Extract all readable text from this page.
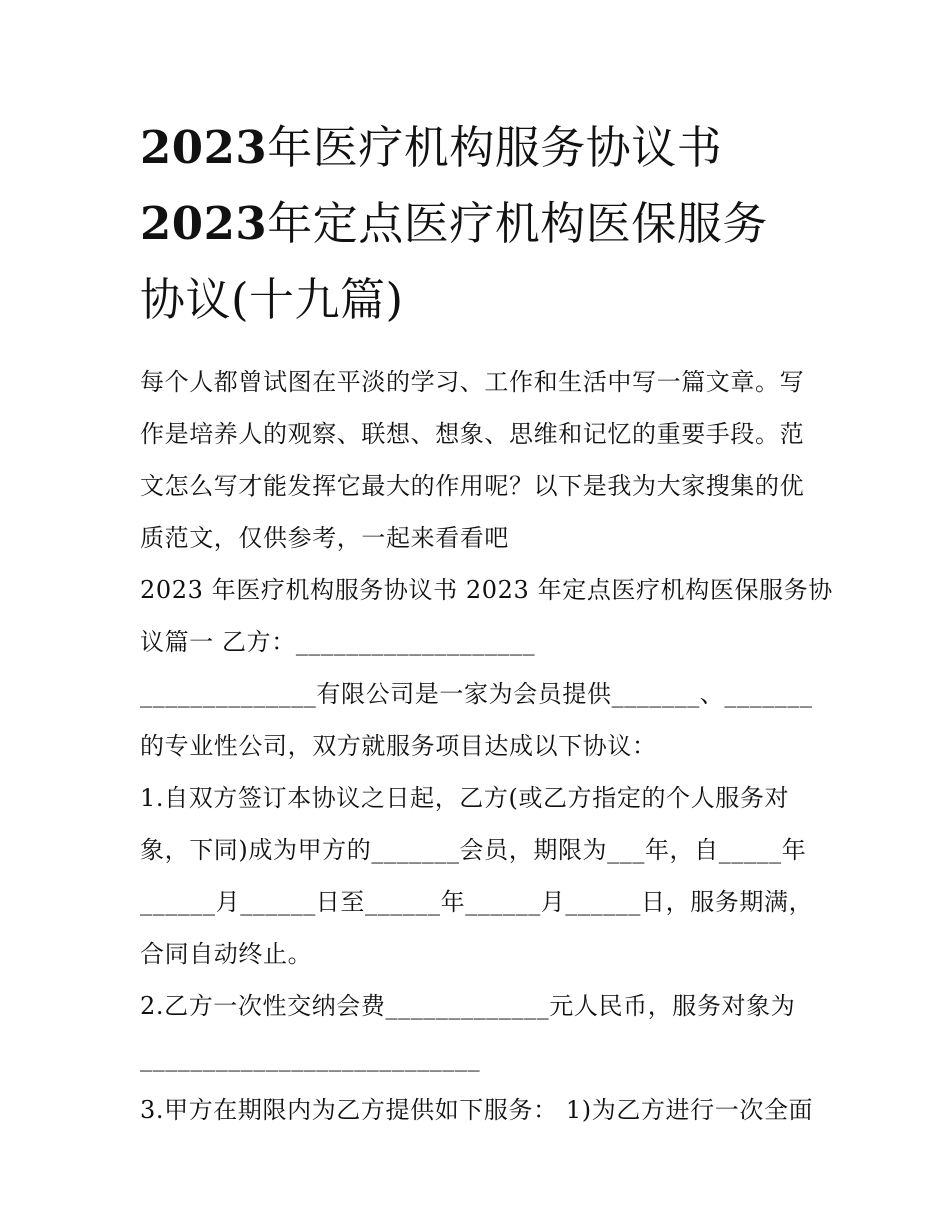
2023年医疗机构服务协议书
2023年定点医疗机构医保服务
协议(十九篇)
每个人都曾试图在平淡的学习、工作和生活中写一篇文章。写
作是培养人的观察、联想、想象、思维和记忆的重要手段。范
文怎么写才能发挥它最大的作用呢？以下是我为大家搜集的优
质范文，仅供参考，一起来看看吧
2023 年医疗机构服务协议书 2023 年定点医疗机构医保服务协
议篇一 乙方：___________________
______________有限公司是一家为会员提供_______、_______
的专业性公司，双方就服务项目达成以下协议：
1.自双方签订本协议之日起，乙方(或乙方指定的个人服务对
象，下同)成为甲方的_______会员，期限为___年，自_____年
______月______日至______年______月______日，服务期满，
合同自动终止。
2.乙方一次性交纳会费_____________元人民币，服务对象为
___________________________
3.甲方在期限内为乙方提供如下服务： 1)为乙方进行一次全面
